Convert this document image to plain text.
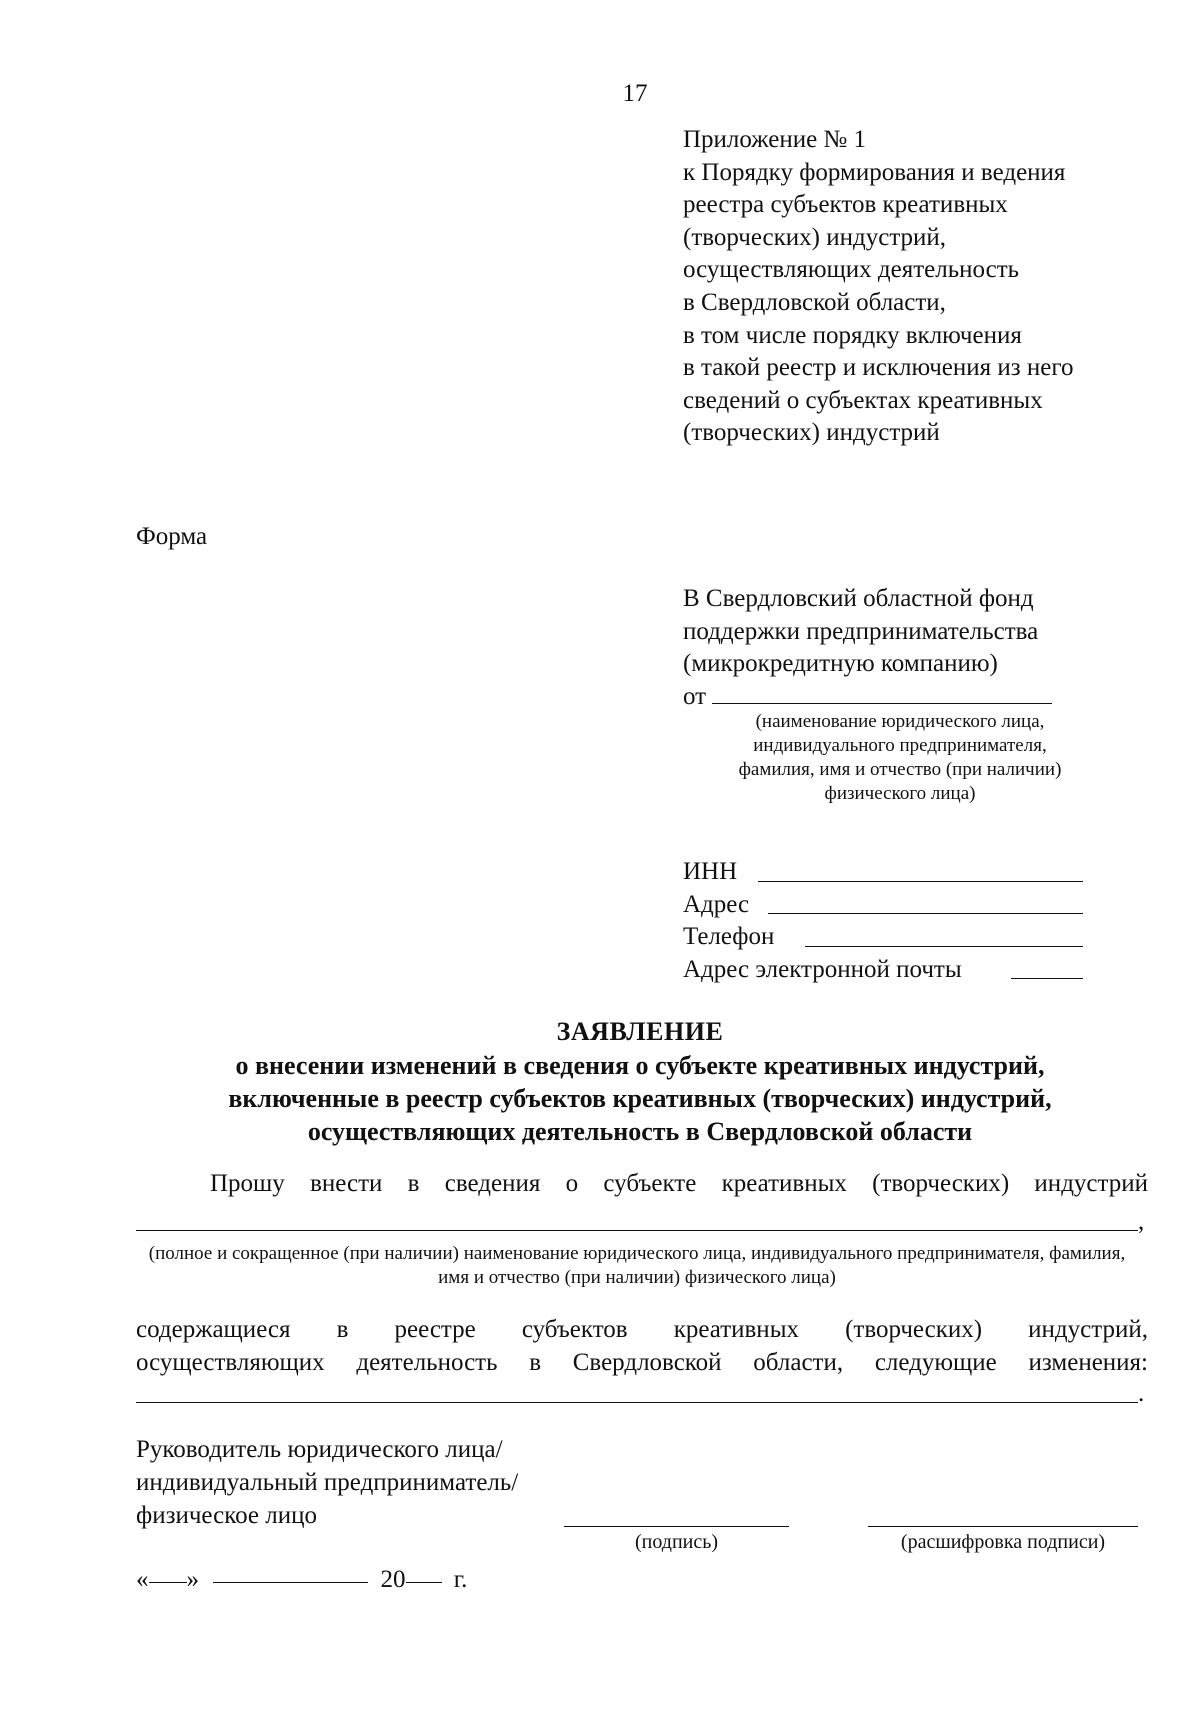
17
Приложение № 1
к Порядку формирования и ведения
реестра субъектов креативных
(творческих) индустрий,
осуществляющих деятельность
в Свердловской области,
в том числе порядку включения
в такой реестр и исключения из него
сведений о субъектах креативных
(творческих) индустрий
Форма
В Свердловский областной фонд
поддержки предпринимательства
(микрокредитную компанию)
от
(наименование юридического лица,
индивидуального предпринимателя,
фамилия, имя и отчество (при наличии)
физического лица)
ИНН
Адрес
Телефон
Адрес электронной почты
ЗАЯВЛЕНИЕ
о внесении изменений в сведения о субъекте креативных индустрий,
включенные в реестр субъектов креативных (творческих) индустрий,
осуществляющих деятельность в Свердловской области
Прошу внести в сведения о субъекте креативных (творческих) индустрий
,
(полное и сокращенное (при наличии) наименование юридического лица, индивидуального предпринимателя, фамилия, имя и отчество (при наличии) физического лица)
содержащиеся в реестре субъектов креативных (творческих) индустрий,
осуществляющих деятельность в Свердловской области, следующие изменения:
.
Руководитель юридического лица/
индивидуальный предприниматель/
физическое лицо
(подпись)	(расшифровка подписи)
« »	20 г.
